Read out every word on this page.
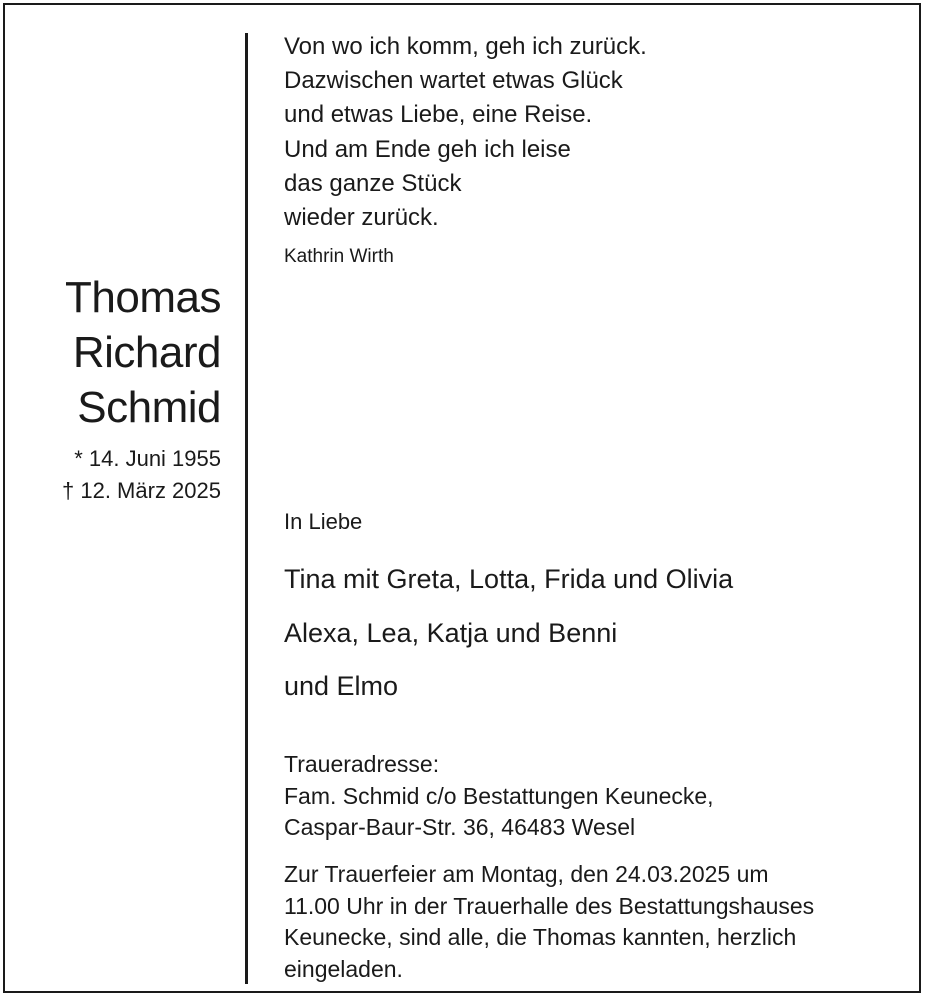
Thomas
Richard
Schmid
* 14. Juni 1955
† 12. März 2025
Von wo ich komm, geh ich zurück.
Dazwischen wartet etwas Glück
und etwas Liebe, eine Reise.
Und am Ende geh ich leise
das ganze Stück
wieder zurück.
Kathrin Wirth
In Liebe
Tina mit Greta, Lotta, Frida und Olivia
Alexa, Lea, Katja und Benni
und Elmo
Traueradresse:
Fam. Schmid c/o Bestattungen Keunecke,
Caspar-Baur-Str. 36, 46483 Wesel
Zur Trauerfeier am Montag, den 24.03.2025 um
11.00 Uhr in der Trauerhalle des Bestattungshauses
Keunecke, sind alle, die Thomas kannten, herzlich
eingeladen.
